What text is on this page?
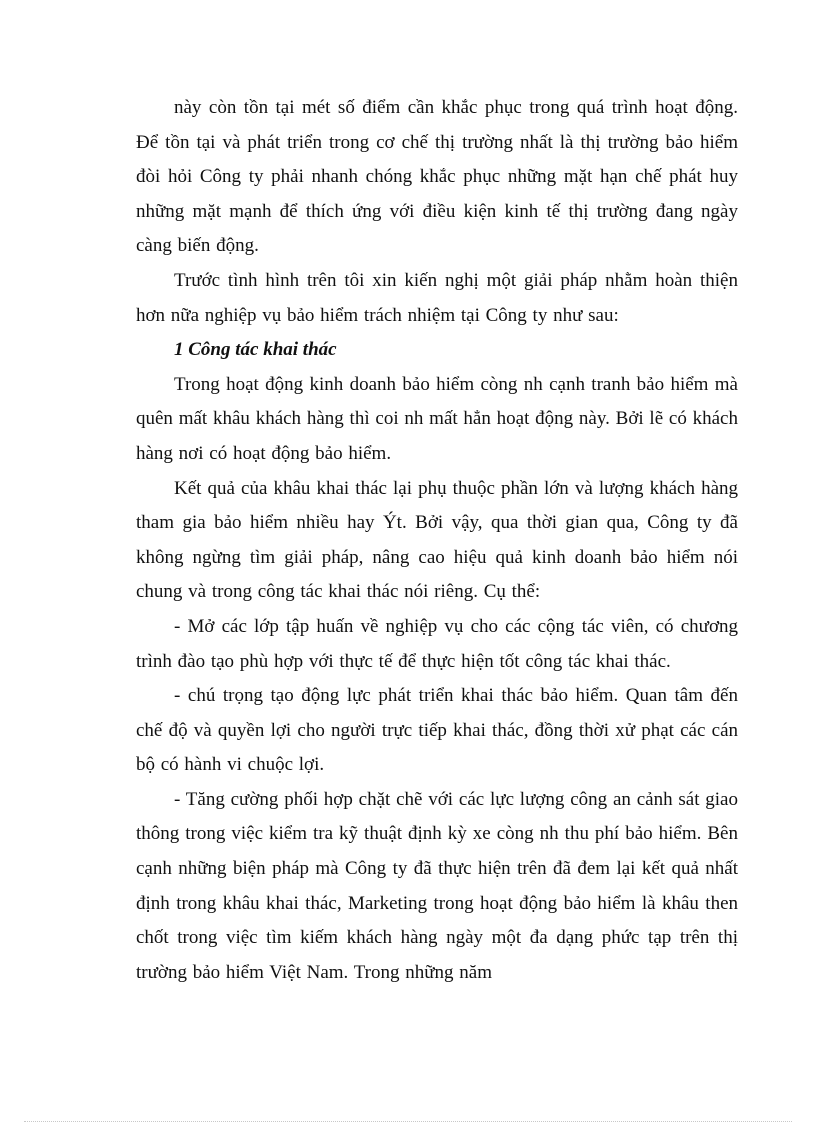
này còn tồn tại mét số điểm cần khắc phục trong quá trình hoạt động. Để tồn tại và phát triển trong cơ chế thị trường nhất là thị trường bảo hiểm đòi hỏi Công ty phải nhanh chóng khắc phục những mặt hạn chế phát huy những mặt mạnh để thích ứng với điều kiện kinh tế thị trường đang ngày càng biến động.

Trước tình hình trên tôi xin kiến nghị một giải pháp nhằm hoàn thiện hơn nữa nghiệp vụ bảo hiểm trách nhiệm tại Công ty như sau:

1 Công tác khai thác

Trong hoạt động kinh doanh bảo hiểm còng nh cạnh tranh bảo hiểm mà quên mất khâu khách hàng thì coi nh mất hẳn hoạt động này. Bởi lẽ có khách hàng nơi có hoạt động bảo hiểm.

Kết quả của khâu khai thác lại phụ thuộc phần lớn và lượng khách hàng tham gia bảo hiểm nhiều hay Ýt. Bởi vậy, qua thời gian qua, Công ty đã không ngừng tìm giải pháp, nâng cao hiệu quả kinh doanh bảo hiểm nói chung và trong công tác khai thác nói riêng. Cụ thể:

- Mở các lớp tập huấn về nghiệp vụ cho các cộng tác viên, có chương trình đào tạo phù hợp với thực tế để thực hiện tốt công tác khai thác.

- chú trọng tạo động lực phát triển khai thác bảo hiểm. Quan tâm đến chế độ và quyền lợi cho người trực tiếp khai thác, đồng thời xử phạt các cán bộ có hành vi chuộc lợi.

- Tăng cường phối hợp chặt chẽ với các lực lượng công an cảnh sát giao thông trong việc kiểm tra kỹ thuật định kỳ xe còng nh thu phí bảo hiểm. Bên cạnh những biện pháp mà Công ty đã thực hiện trên đã đem lại kết quả nhất định trong khâu khai thác, Marketing trong hoạt động bảo hiểm là khâu then chốt trong việc tìm kiếm khách hàng ngày một đa dạng phức tạp trên thị trường bảo hiểm Việt Nam. Trong những năm
